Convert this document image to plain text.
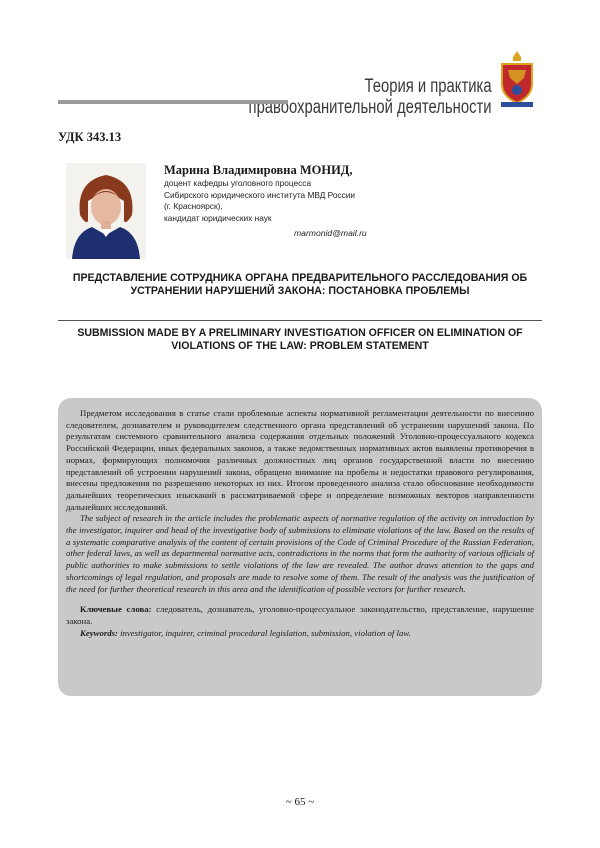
Теория и практика
правоохранительной деятельности
УДК 343.13
Марина Владимировна МОНИД,
доцент кафедры уголовного процесса
Сибирского юридического института МВД России
(г. Красноярск),
кандидат юридических наук
marmonid@mail.ru
ПРЕДСТАВЛЕНИЕ СОТРУДНИКА ОРГАНА ПРЕДВАРИТЕЛЬНОГО РАССЛЕДОВАНИЯ ОБ УСТРАНЕНИИ НАРУШЕНИЙ ЗАКОНА: ПОСТАНОВКА ПРОБЛЕМЫ
SUBMISSION MADE BY A PRELIMINARY INVESTIGATION OFFICER ON ELIMINATION OF VIOLATIONS OF THE LAW: PROBLEM STATEMENT

Предметом исследования в статье стали проблемные аспекты нормативной регламентации деятельности по внесению следователем, дознавателем и руководителем следственного органа представлений об устранении нарушений закона. По результатам системного сравнительного анализа содержания отдельных положений Уголовно-процессуального кодекса Российской Федерации, иных федеральных законов, а также ведомственных нормативных актов выявлены противоречия в нормах, формирующих полномочия различных должностных лиц органов государственной власти по внесению представлений об устроении нарушений закона, обращено внимание на пробелы и недостатки правового регулирования, внесены предложения по разрешению некоторых из них. Итогом проведенного анализа стало обоснование необходимости дальнейших теоретических изысканий в рассматриваемой сфере и определение возможных векторов направленности дальнейших исследований.

The subject of research in the article includes the problematic aspects of normative regulation of the activity on introduction by the investigator, inquirer and head of the investigative body of submissions to eliminate violations of the law. Based on the results of a systematic comparative analysis of the content of certain provisions of the Code of Criminal Procedure of the Russian Federation, other federal laws, as well as departmental normative acts, contradictions in the norms that form the authority of various officials of public authorities to make submissions to settle violations of the law are revealed. The author draws attention to the gaps and shortcomings of legal regulation, and proposals are made to resolve some of them. The result of the analysis was the justification of the need for further theoretical research in this area and the identification of possible vectors for further research.

Ключевые слова: следователь, дознаватель, уголовно-процессуальное законодательство, представление, нарушение закона.

Keywords: investigator, inquirer, criminal procedural legislation, submission, violation of law.

~ 65 ~
